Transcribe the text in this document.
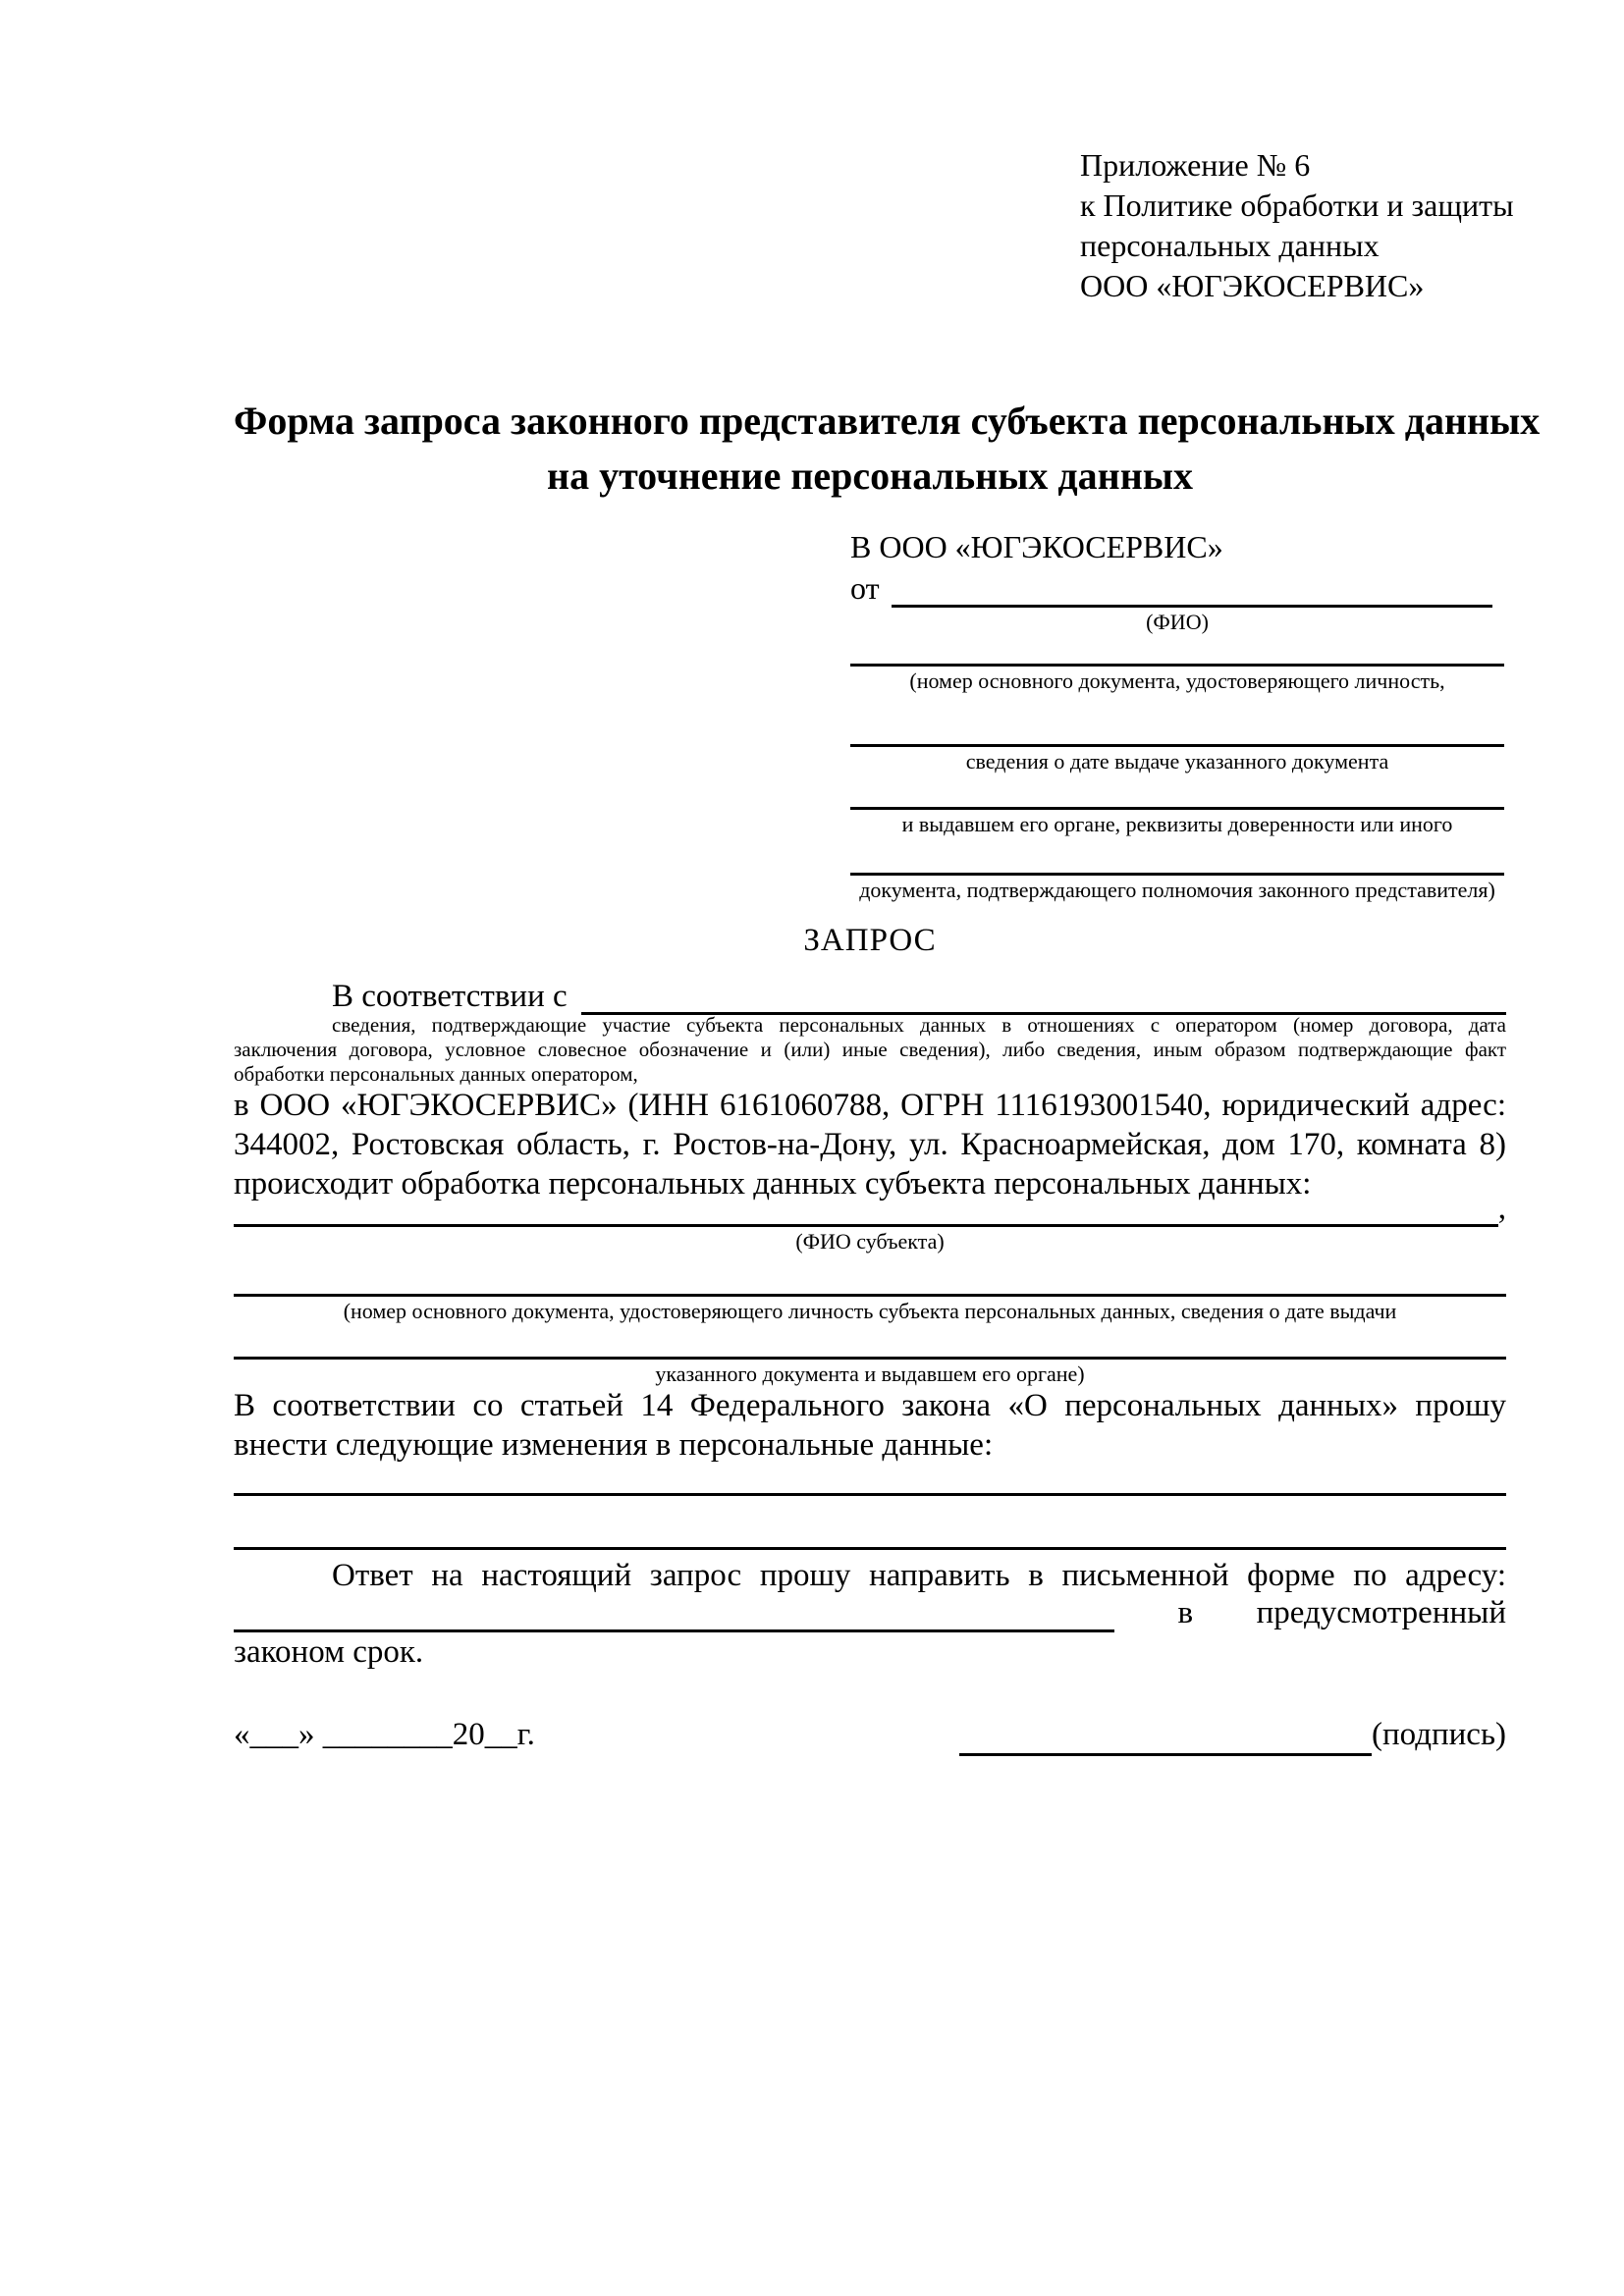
Приложение № 6
к Политике обработки и защиты
персональных данных
ООО «ЮГЭКОСЕРВИС»
Форма запроса законного представителя субъекта персональных данных
на уточнение персональных данных
В ООО «ЮГЭКОСЕРВИС»
от
(ФИО)
(номер основного документа, удостоверяющего личность,
сведения о дате выдаче указанного документа
и выдавшем его органе, реквизиты доверенности или иного
документа, подтверждающего полномочия законного представителя)
ЗАПРОС
В соответствии с
сведения, подтверждающие участие субъекта персональных данных в отношениях с оператором (номер договора, дата
заключения договора, условное словесное обозначение и (или) иные сведения), либо сведения, иным образом подтверждающие факт
обработки персональных данных оператором,
в ООО «ЮГЭКОСЕРВИС» (ИНН 6161060788, ОГРН 1116193001540, юридический адрес:
344002, Ростовская область, г. Ростов-на-Дону, ул. Красноармейская, дом 170, комната 8)
происходит обработка персональных данных субъекта персональных данных:
,
(ФИО субъекта)
(номер основного документа, удостоверяющего личность субъекта персональных данных, сведения о дате выдачи
указанного документа и выдавшем его органе)
В соответствии со статьей 14 Федерального закона «О персональных данных» прошу
внести следующие изменения в персональные данные:
Ответ на настоящий запрос прошу направить в письменной форме по адресу:
в предусмотренный
законом срок.
«___» ________20__г.	(подпись)
